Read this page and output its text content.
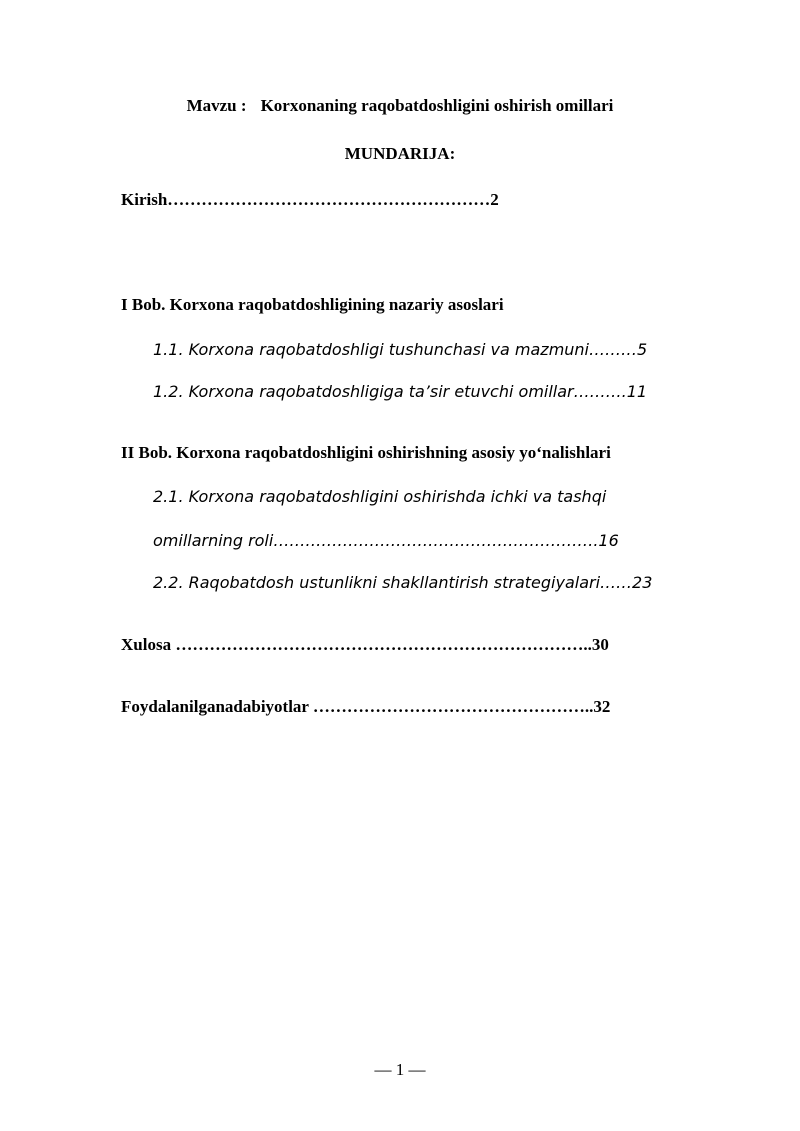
Mavzu : Korxonaning raqobatdoshligini oshirish omillari

MUNDARIJA:

Kirish…………………………………………………2

I Bob. Korxona raqobatdoshligining nazariy asoslari

1.1. Korxona raqobatdoshligi tushunchasi va mazmuni………5

1.2. Korxona raqobatdoshligiga ta’sir etuvchi omillar……….11

II Bob. Korxona raqobatdoshligini oshirishning asosiy yo‘nalishlari

2.1. Korxona raqobatdoshligini oshirishda ichki va tashqi

omillarning roli…………………………………………………….16

2.2. Raqobatdosh ustunlikni shakllantirish strategiyalari……23

Xulosa ………………………………………………………………..30

Foydalanilganadabiyotlar …………………………………………..32

— 1 —
